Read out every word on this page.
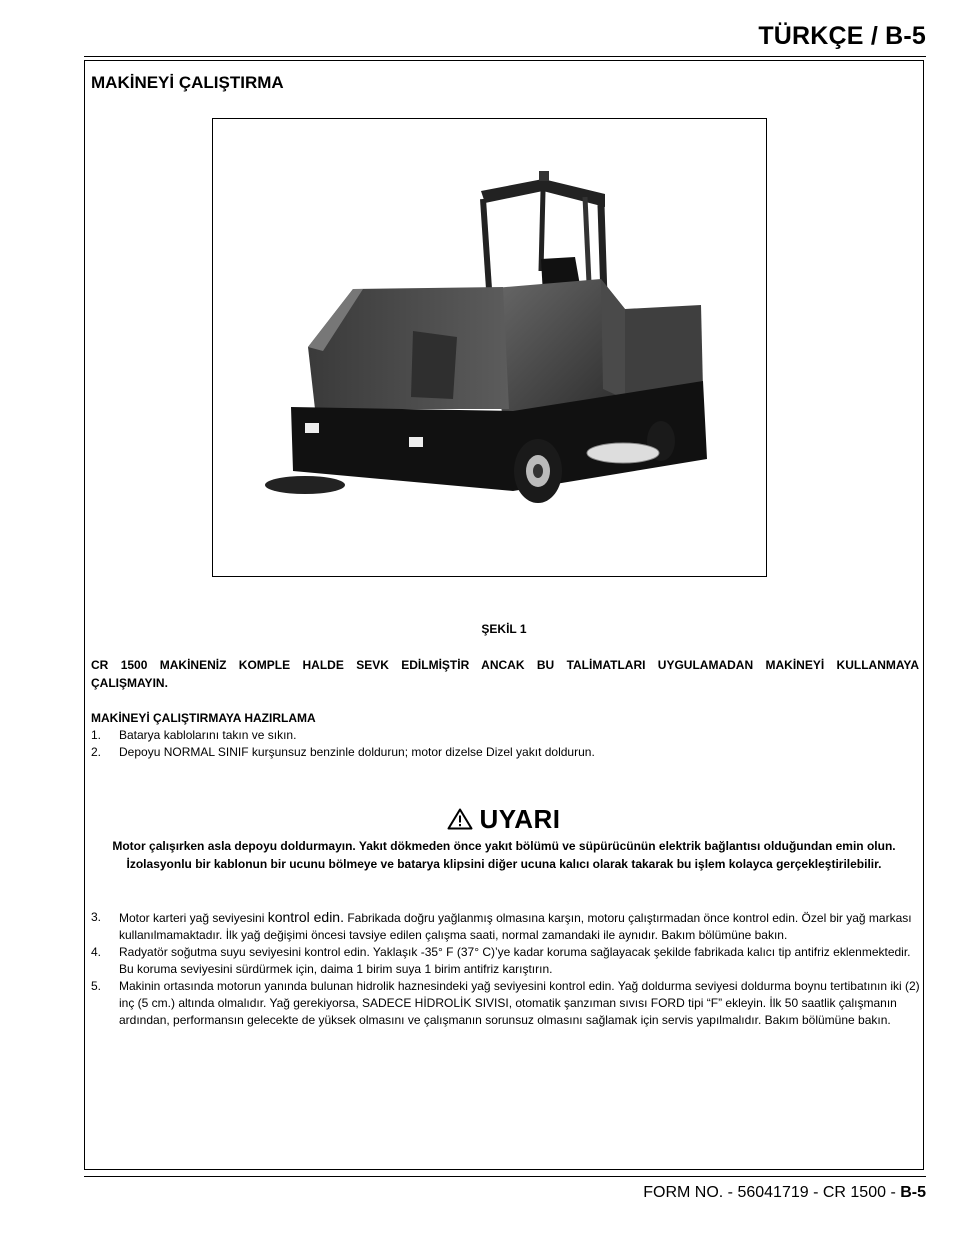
TÜRKÇE / B-5
MAKİNEYİ ÇALIŞTIRMA
ŞEKİL 1
CR 1500 MAKİNENİZ KOMPLE HALDE SEVK EDİLMİŞTİR ANCAK BU TALİMATLARI UYGULAMADAN MAKİNEYİ KULLANMAYA ÇALIŞMAYIN.
MAKİNEYİ ÇALIŞTIRMAYA HAZIRLAMA
1. Batarya kablolarını takın ve sıkın.
2. Depoyu NORMAL SINIF kurşunsuz benzinle doldurun; motor dizelse Dizel yakıt doldurun.
UYARI
Motor çalışırken asla depoyu doldurmayın. Yakıt dökmeden önce yakıt bölümü ve süpürücünün elektrik bağlantısı olduğundan emin olun. İzolasyonlu bir kablonun bir ucunu bölmeye ve batarya klipsini diğer ucuna kalıcı olarak takarak bu işlem kolayca gerçekleştirilebilir.
3. Motor karteri yağ seviyesini kontrol edin. Fabrikada doğru yağlanmış olmasına karşın, motoru çalıştırmadan önce kontrol edin. Özel bir yağ markası kullanılmamaktadır. İlk yağ değişimi öncesi tavsiye edilen çalışma saati, normal zamandaki ile aynıdır. Bakım bölümüne bakın.
4. Radyatör soğutma suyu seviyesini kontrol edin. Yaklaşık -35° F (37° C)’ye kadar koruma sağlayacak şekilde fabrikada kalıcı tip antifriz eklenmektedir. Bu koruma seviyesini sürdürmek için, daima 1 birim suya 1 birim antifriz karıştırın.
5. Makinin ortasında motorun yanında bulunan hidrolik haznesindeki yağ seviyesini kontrol edin. Yağ doldurma seviyesi doldurma boynu tertibatının iki (2) inç (5 cm.) altında olmalıdır. Yağ gerekiyorsa, SADECE HİDROLİK SIVISI, otomatik şanzıman sıvısı FORD tipi “F” ekleyin. İlk 50 saatlik çalışmanın ardından, performansın gelecekte de yüksek olmasını ve çalışmanın sorunsuz olmasını sağlamak için servis yapılmalıdır. Bakım bölümüne bakın.
FORM NO. - 56041719 - CR 1500 - B-5
